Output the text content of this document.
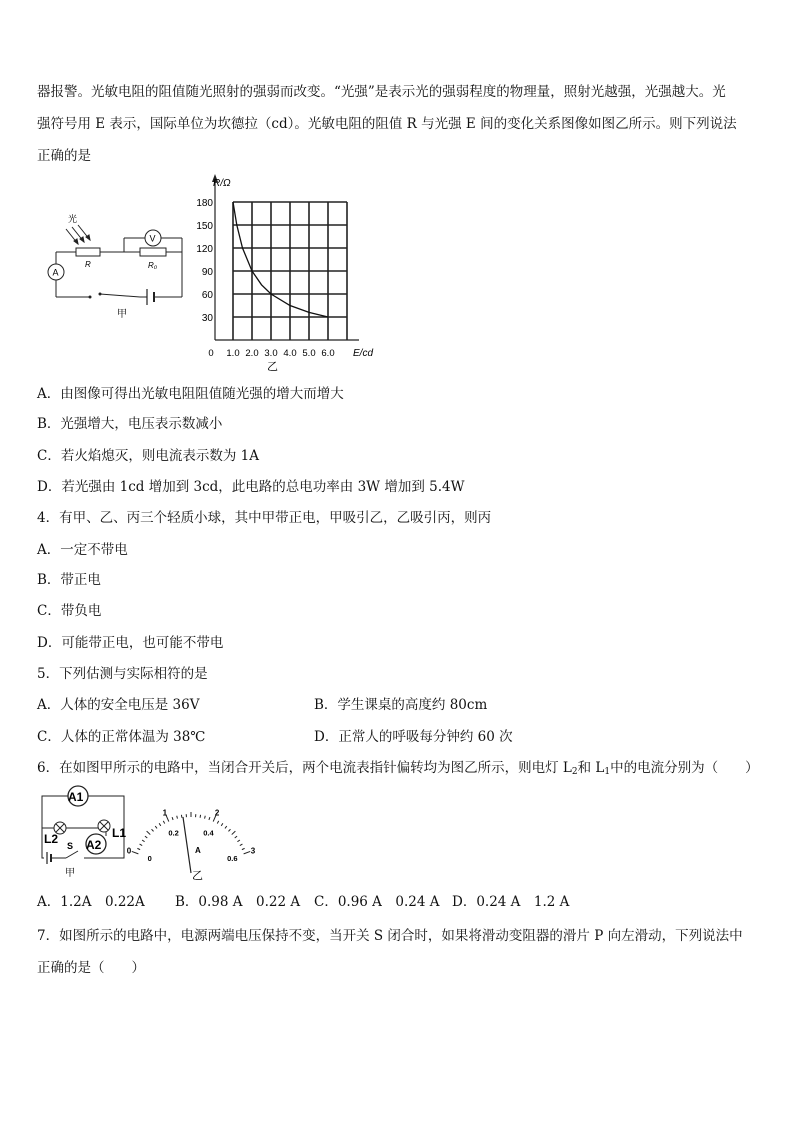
器报警。光敏电阻的阻值随光照射的强弱而改变。“光强”是表示光的强弱程度的物理量，照射光越强，光强越大。光
强符号用 E 表示，国际单位为坎德拉（cd）。光敏电阻的阻值 R 与光强 E 间的变化关系图像如图乙所示。则下列说法
正确的是
光
R	R₀
V
A
甲	30
60
90
120
150
180
0 1.0 2.0 3.0 4.0 5.0 6.0
R/Ω
E/cd
乙
A．由图像可得出光敏电阻阻值随光强的增大而增大
B．光强增大，电压表示数减小
C．若火焰熄灭，则电流表示数为 1A
D．若光强由 1cd 增加到 3cd，此电路的总电功率由 3W 增加到 5.4W
4．有甲、乙、丙三个轻质小球，其中甲带正电，甲吸引乙，乙吸引丙，则丙
A．一定不带电
B．带正电
C．带负电
D．可能带正电，也可能不带电
5．下列估测与实际相符的是
A．人体的安全电压是 36V	B．学生课桌的高度约 80cm
C．人体的正常体温为 38℃	D．正常人的呼吸每分钟约 60 次
6．在如图甲所示的电路中，当闭合开关后，两个电流表指针偏转均为图乙所示，则电灯 $L_2$和 $L_1$中的电流分别为（　　）
A1
A2
L2	L1
S
甲
0
1	2
3
0
0.2	0.4
0.6
A
乙
A．1.2A　0.22A B．0.98 A　0.22 A C．0.96 A　0.24 A D．0.24 A　1.2 A
7．如图所示的电路中，电源两端电压保持不变，当开关 S 闭合时，如果将滑动变阻器的滑片 P 向左滑动，下列说法中
正确的是（　　）
